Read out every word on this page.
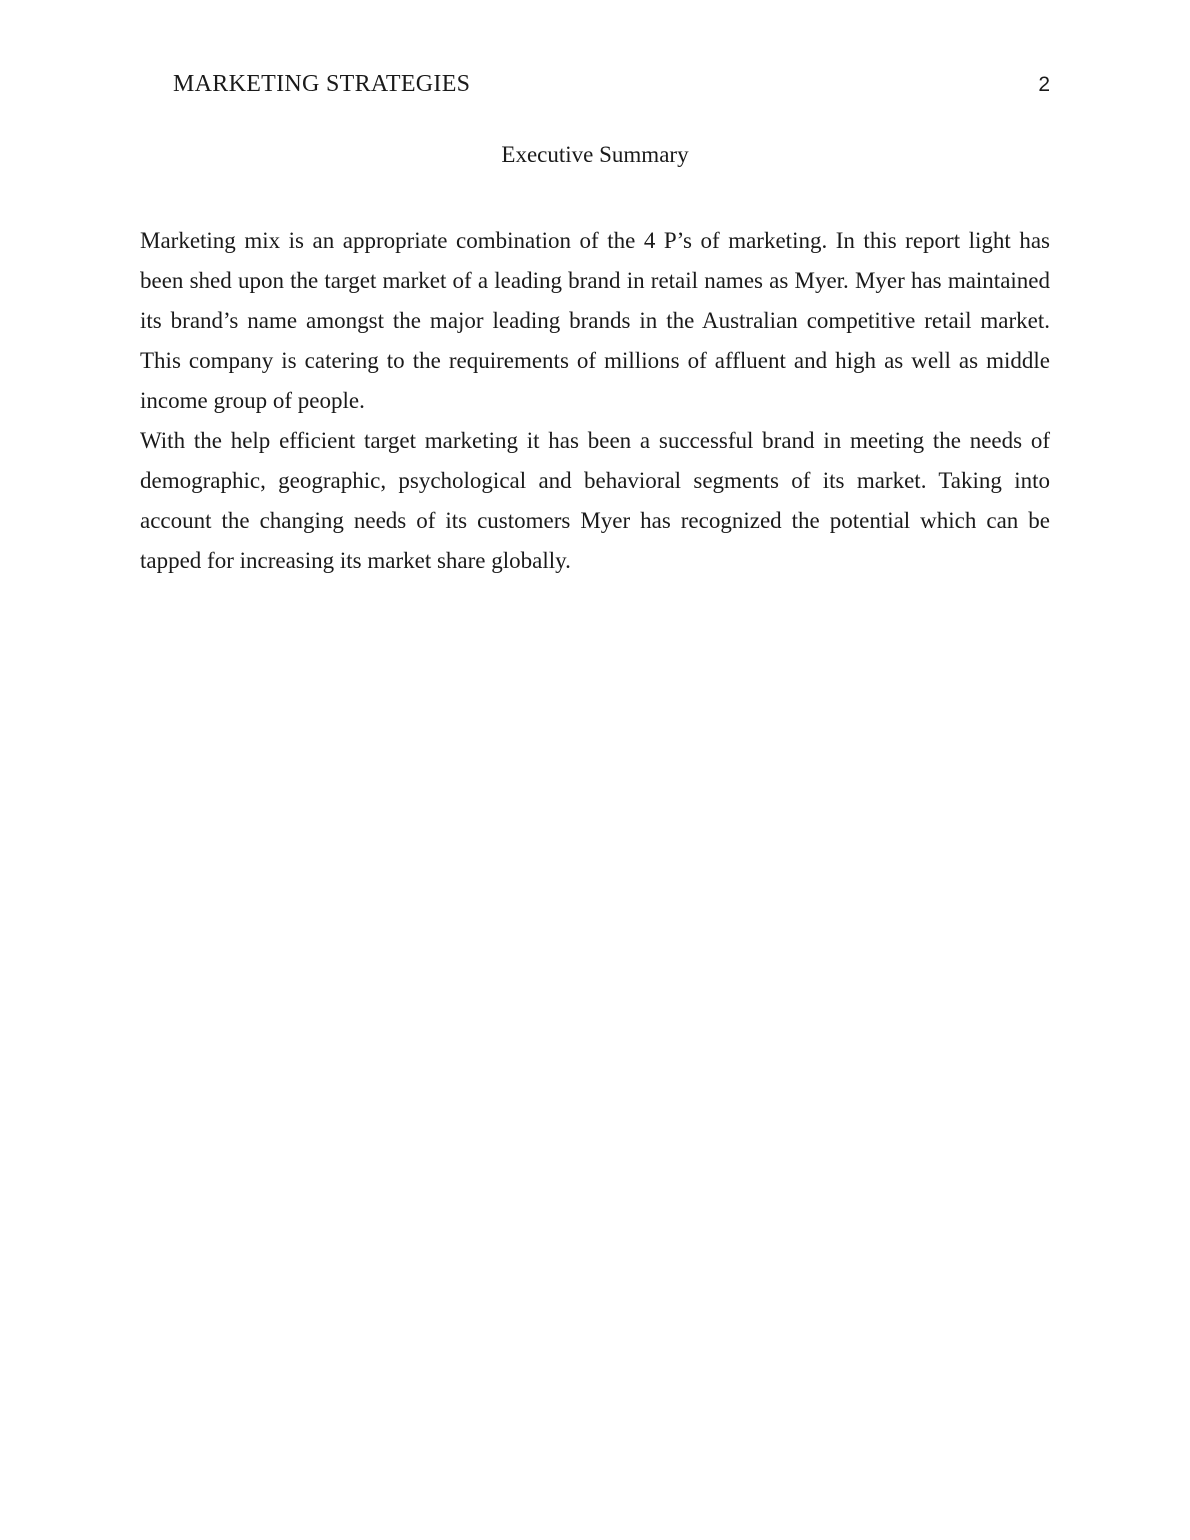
MARKETING STRATEGIES	2
Executive Summary

Marketing mix is an appropriate combination of the 4 P’s of marketing. In this report light has been shed upon the target market of a leading brand in retail names as Myer. Myer has maintained its brand’s name amongst the major leading brands in the Australian competitive retail market. This company is catering to the requirements of millions of affluent and high as well as middle income group of people.

With the help efficient target marketing it has been a successful brand in meeting the needs of demographic, geographic, psychological and behavioral segments of its market. Taking into account the changing needs of its customers Myer has recognized the potential which can be tapped for increasing its market share globally.
